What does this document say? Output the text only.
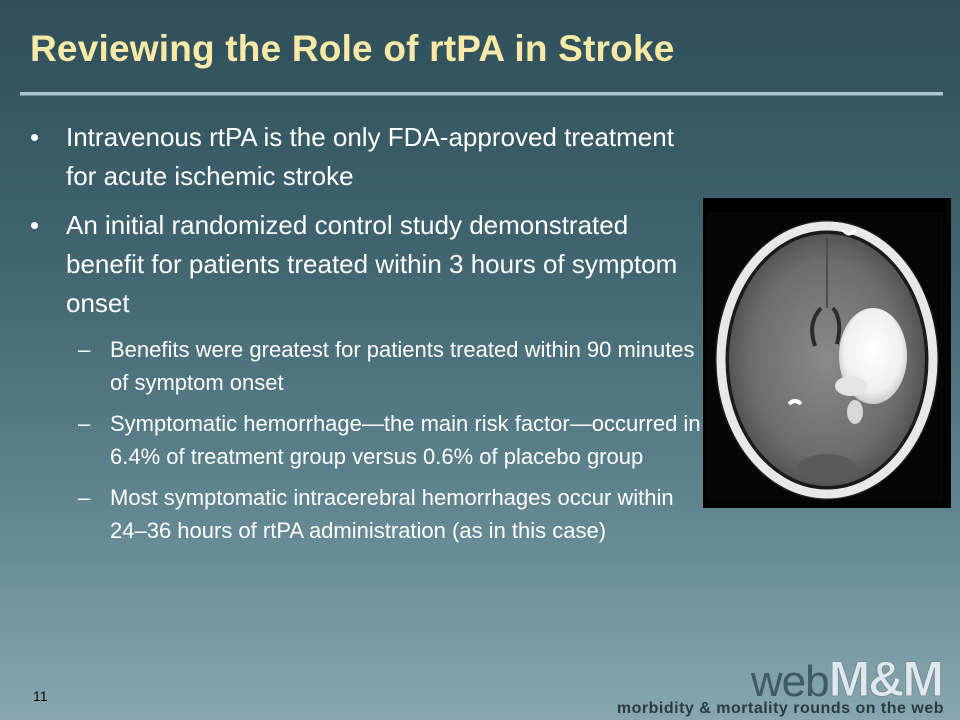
Reviewing the Role of rtPA in Stroke
• Intravenous rtPA is the only FDA-approved treatment for acute ischemic stroke
• An initial randomized control study demonstrated benefit for patients treated within 3 hours of symptom onset
– Benefits were greatest for patients treated within 90 minutes of symptom onset
– Symptomatic hemorrhage—the main risk factor—occurred in 6.4% of treatment group versus 0.6% of placebo group
– Most symptomatic intracerebral hemorrhages occur within 24–36 hours of rtPA administration (as in this case)
11	webM&M
morbidity & mortality rounds on the web
